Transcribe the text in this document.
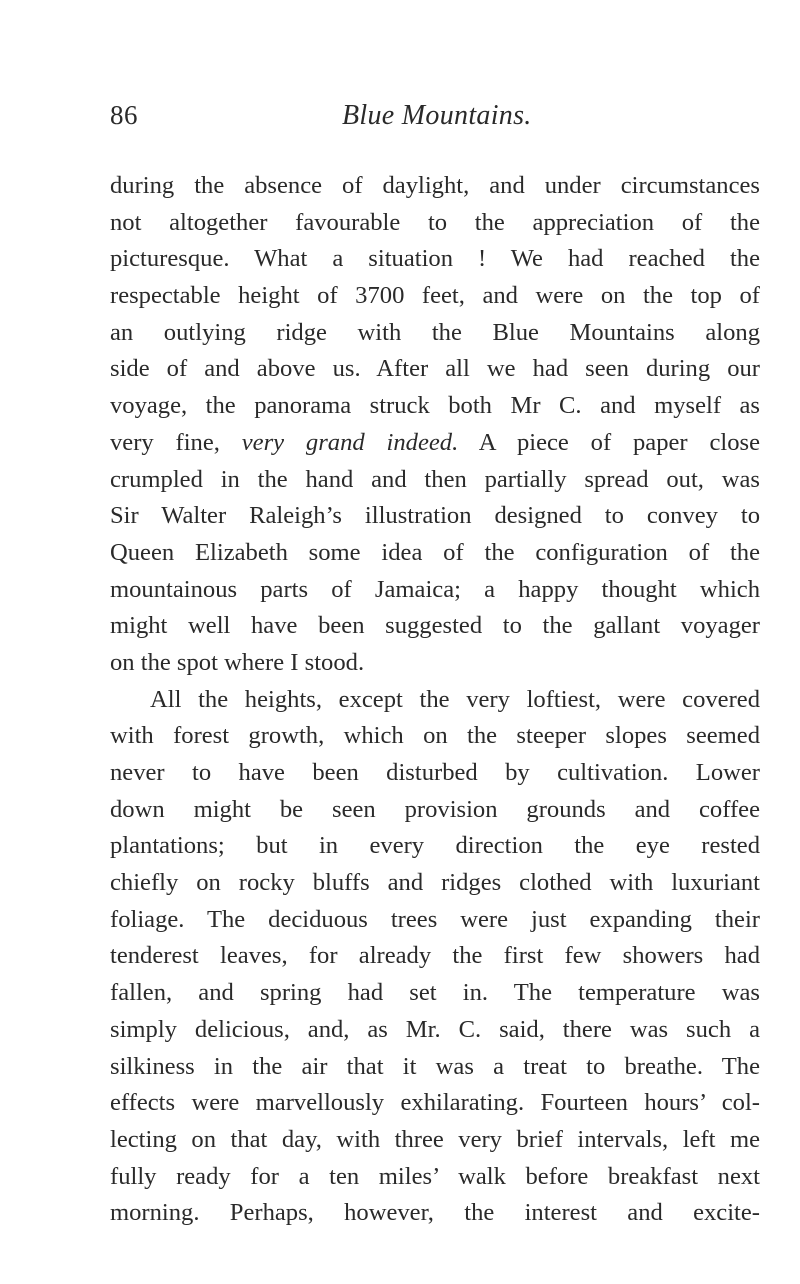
86	Blue Mountains.
during the absence of daylight, and under circumstances
not altogether favourable to the appreciation of the
picturesque. What a situation ! We had reached the
respectable height of 3700 feet, and were on the top of
an outlying ridge with the Blue Mountains along
side of and above us. After all we had seen during our
voyage, the panorama struck both Mr C. and myself as
very fine, very grand indeed. A piece of paper close
crumpled in the hand and then partially spread out, was
Sir Walter Raleigh’s illustration designed to convey to
Queen Elizabeth some idea of the configuration of the
mountainous parts of Jamaica; a happy thought which
might well have been suggested to the gallant voyager
on the spot where I stood.
All the heights, except the very loftiest, were covered
with forest growth, which on the steeper slopes seemed
never to have been disturbed by cultivation. Lower
down might be seen provision grounds and coffee
plantations; but in every direction the eye rested
chiefly on rocky bluffs and ridges clothed with luxuriant
foliage. The deciduous trees were just expanding their
tenderest leaves, for already the first few showers had
fallen, and spring had set in. The temperature was
simply delicious, and, as Mr. C. said, there was such a
silkiness in the air that it was a treat to breathe. The
effects were marvellously exhilarating. Fourteen hours’ col-
lecting on that day, with three very brief intervals, left me
fully ready for a ten miles’ walk before breakfast next
morning. Perhaps, however, the interest and excite-
